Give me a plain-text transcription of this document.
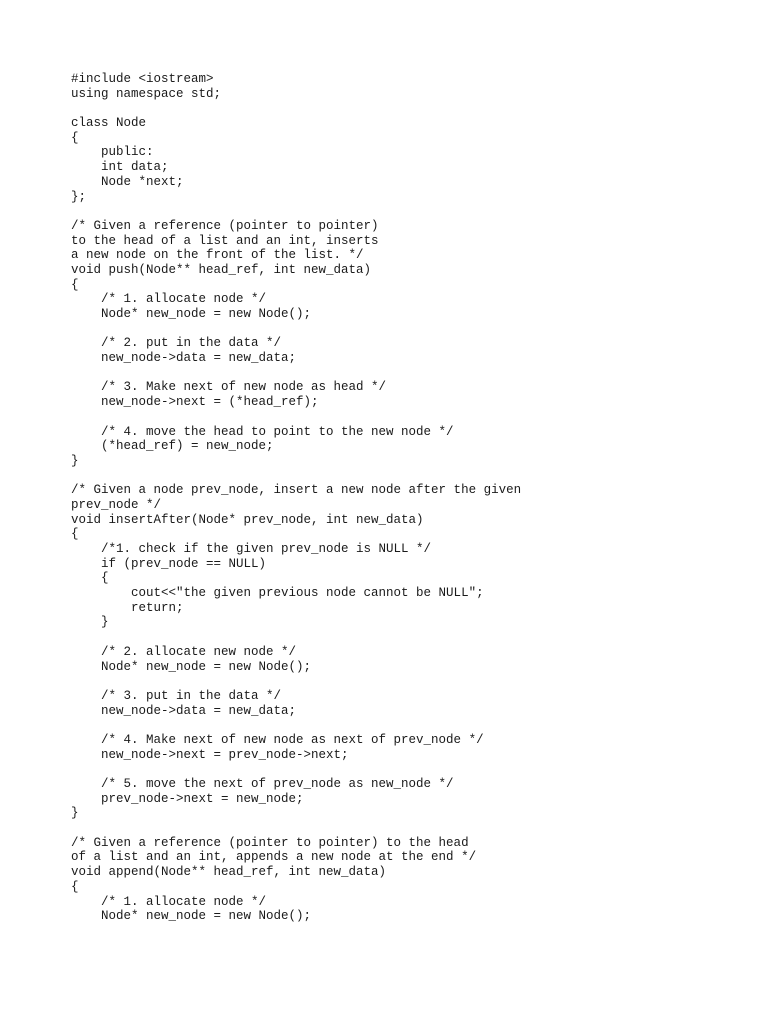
#include <iostream>
using namespace std;
class Node
{
public:
int data;
Node *next;
};
/* Given a reference (pointer to pointer)
to the head of a list and an int, inserts
a new node on the front of the list. */
void push(Node** head_ref, int new_data)
{
/* 1. allocate node */
Node* new_node = new Node();
/* 2. put in the data */
new_node->data = new_data;
/* 3. Make next of new node as head */
new_node->next = (*head_ref);
/* 4. move the head to point to the new node */
(*head_ref) = new_node;
}
/* Given a node prev_node, insert a new node after the given
prev_node */
void insertAfter(Node* prev_node, int new_data)
{
/*1. check if the given prev_node is NULL */
if (prev_node == NULL)
{
cout<<"the given previous node cannot be NULL";
return;
}
/* 2. allocate new node */
Node* new_node = new Node();
/* 3. put in the data */
new_node->data = new_data;
/* 4. Make next of new node as next of prev_node */
new_node->next = prev_node->next;
/* 5. move the next of prev_node as new_node */
prev_node->next = new_node;
}
/* Given a reference (pointer to pointer) to the head
of a list and an int, appends a new node at the end */
void append(Node** head_ref, int new_data)
{
/* 1. allocate node */
Node* new_node = new Node();
